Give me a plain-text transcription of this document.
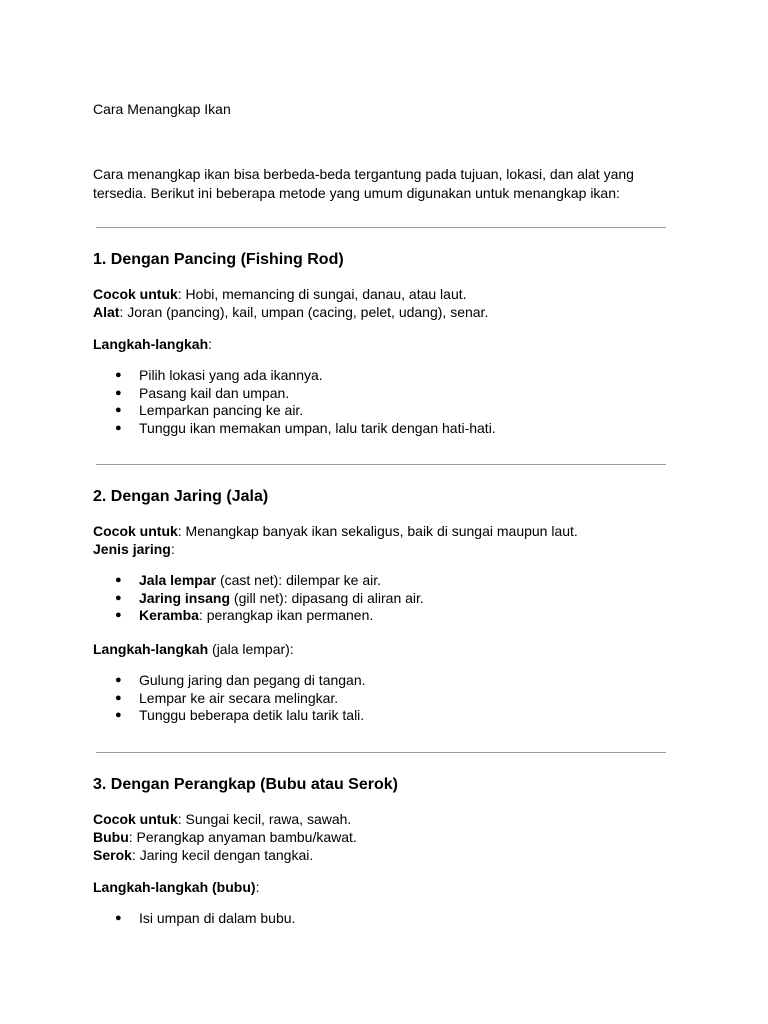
Cara Menangkap Ikan
Cara menangkap ikan bisa berbeda-beda tergantung pada tujuan, lokasi, dan alat yang
tersedia. Berikut ini beberapa metode yang umum digunakan untuk menangkap ikan:
1. Dengan Pancing (Fishing Rod)

Cocok untuk: Hobi, memancing di sungai, danau, atau laut.

Alat: Joran (pancing), kail, umpan (cacing, pelet, udang), senar.

Langkah-langkah:

● Pilih lokasi yang ada ikannya.
● Pasang kail dan umpan.
● Lemparkan pancing ke air.
● Tunggu ikan memakan umpan, lalu tarik dengan hati-hati.
2. Dengan Jaring (Jala)

Cocok untuk: Menangkap banyak ikan sekaligus, baik di sungai maupun laut.

Jenis jaring:

● Jala lempar (cast net): dilempar ke air.
● Jaring insang (gill net): dipasang di aliran air.
● Keramba: perangkap ikan permanen.

Langkah-langkah (jala lempar):

● Gulung jaring dan pegang di tangan.
● Lempar ke air secara melingkar.
● Tunggu beberapa detik lalu tarik tali.
3. Dengan Perangkap (Bubu atau Serok)

Cocok untuk: Sungai kecil, rawa, sawah.

Bubu: Perangkap anyaman bambu/kawat.

Serok: Jaring kecil dengan tangkai.

Langkah-langkah (bubu):

● Isi umpan di dalam bubu.
